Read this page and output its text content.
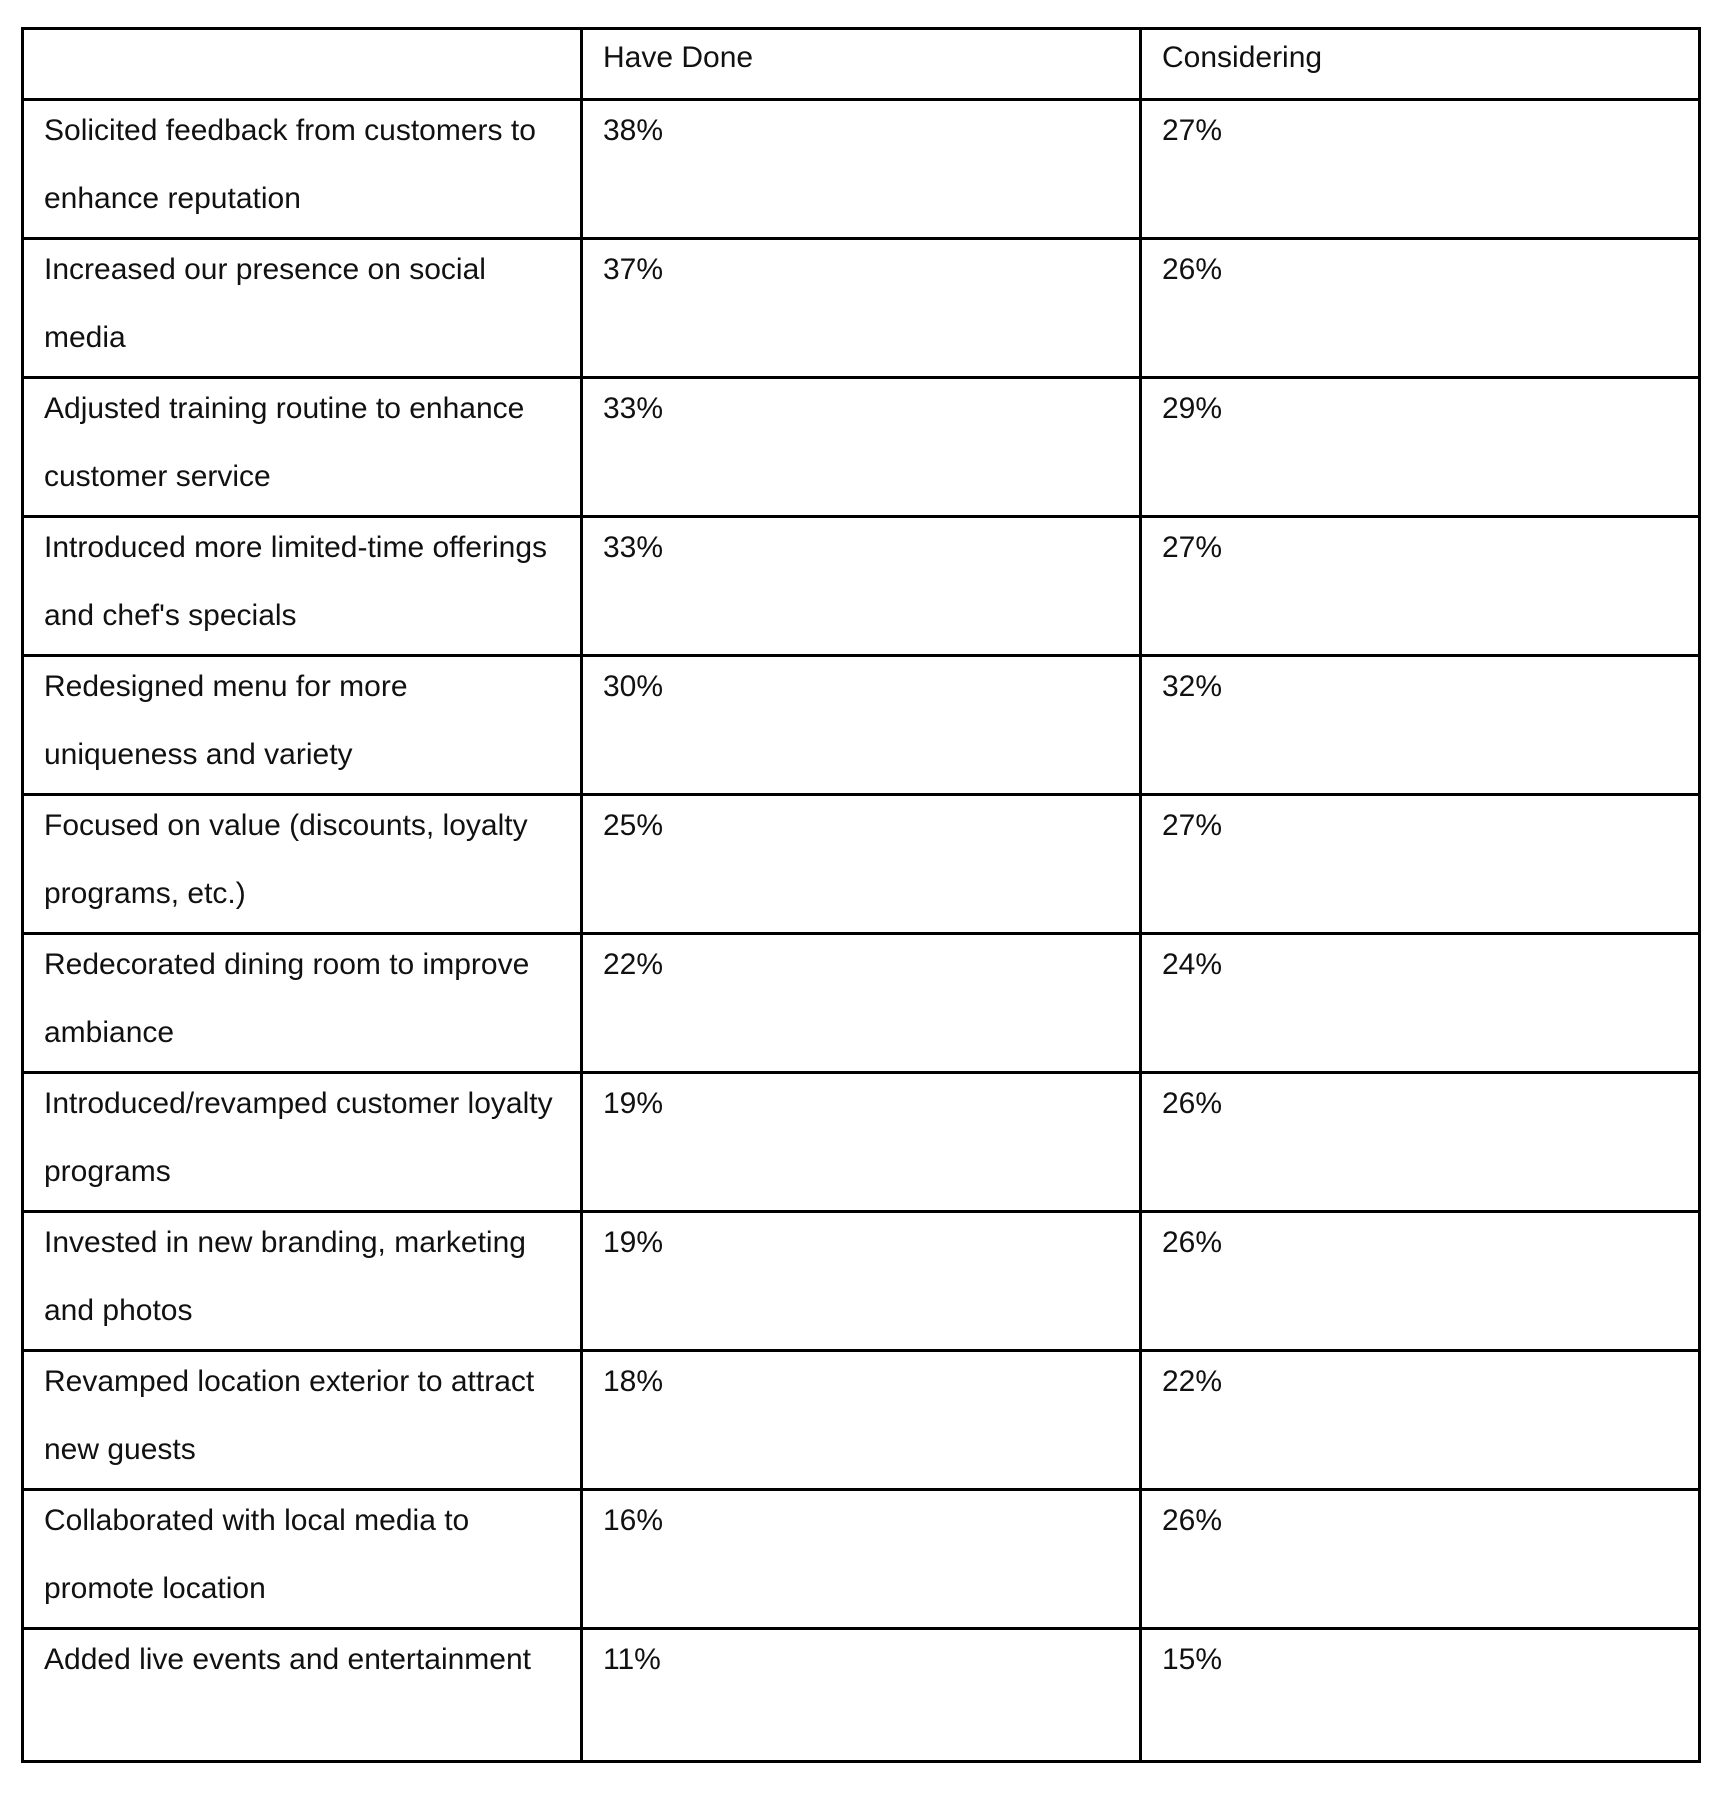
	Have Done	Considering

Solicited feedback from customers to enhance reputation	38%	27%

Increased our presence on social media	37%	26%

Adjusted training routine to enhance customer service	33%	29%

Introduced more limited-time offerings and chef's specials	33%	27%

Redesigned menu for more uniqueness and variety	30%	32%

Focused on value (discounts, loyalty programs, etc.)	25%	27%

Redecorated dining room to improve ambiance	22%	24%

Introduced/revamped customer loyalty programs	19%	26%

Invested in new branding, marketing and photos	19%	26%

Revamped location exterior to attract new guests	18%	22%

Collaborated with local media to promote location	16%	26%

Added live events and entertainment	11%	15%
